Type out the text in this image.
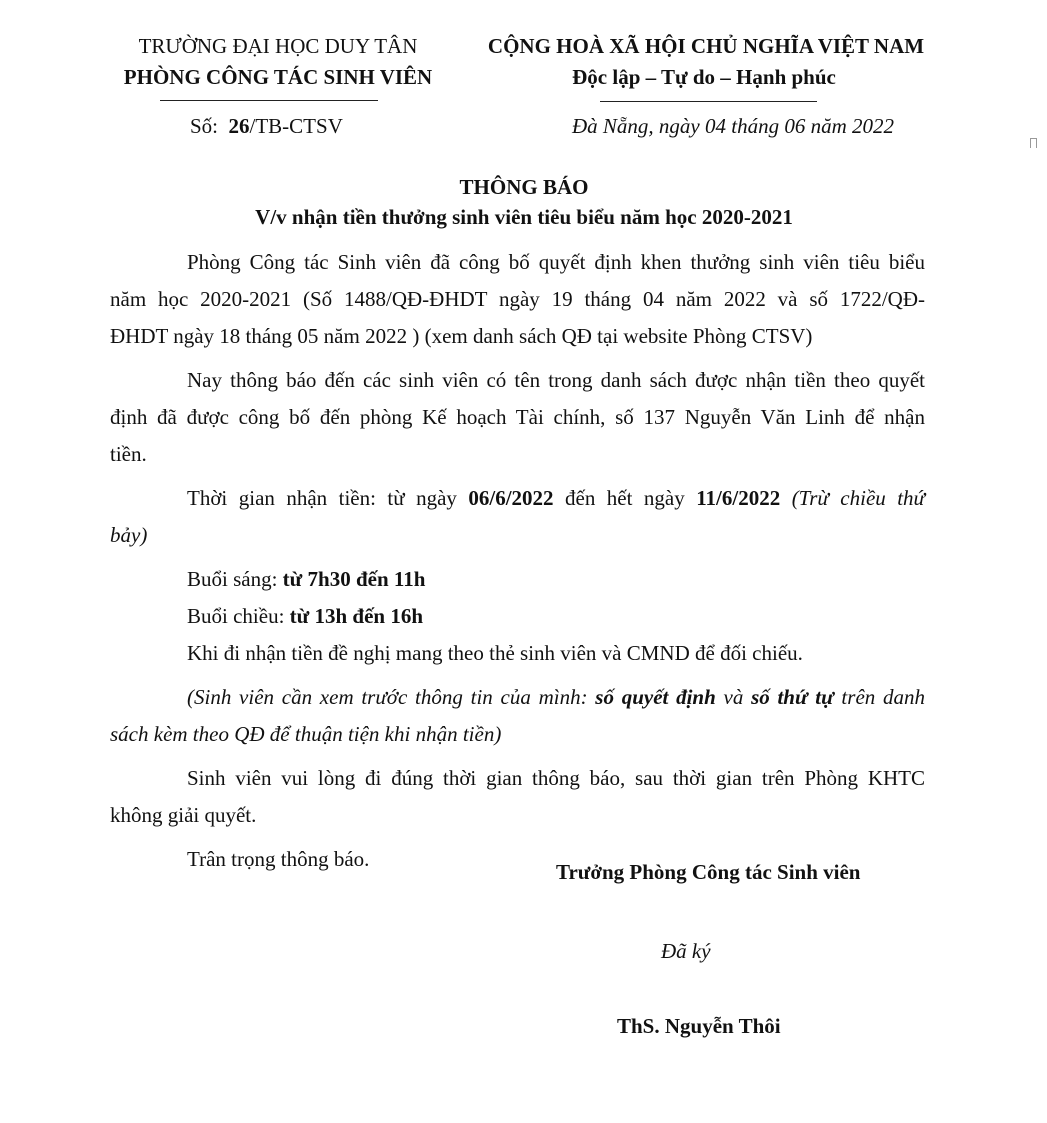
TRƯỜNG ĐẠI HỌC DUY TÂN
PHÒNG CÔNG TÁC SINH VIÊN
Số: 26/TB-CTSV
CỘNG HOÀ XÃ HỘI CHỦ NGHĨA VIỆT NAM
Độc lập – Tự do – Hạnh phúc
Đà Nẵng, ngày 04 tháng 06 năm 2022
THÔNG BÁO
V/v nhận tiền thưởng sinh viên tiêu biểu năm học 2020-2021
Phòng Công tác Sinh viên đã công bố quyết định khen thưởng sinh viên tiêu biểu
năm học 2020-2021 (Số 1488/QĐ-ĐHDT ngày 19 tháng 04 năm 2022 và số 1722/QĐ-
ĐHDT ngày 18 tháng 05 năm 2022 ) (xem danh sách QĐ tại website Phòng CTSV)
Nay thông báo đến các sinh viên có tên trong danh sách được nhận tiền theo quyết
định đã được công bố đến phòng Kế hoạch Tài chính, số 137 Nguyễn Văn Linh để nhận
tiền.
Thời gian nhận tiền: từ ngày 06/6/2022 đến hết ngày 11/6/2022 (Trừ chiều thứ
bảy)
Buổi sáng: từ 7h30 đến 11h
Buổi chiều: từ 13h đến 16h
Khi đi nhận tiền đề nghị mang theo thẻ sinh viên và CMND để đối chiếu.
(Sinh viên cần xem trước thông tin của mình: số quyết định và số thứ tự trên danh
sách kèm theo QĐ để thuận tiện khi nhận tiền)
Sinh viên vui lòng đi đúng thời gian thông báo, sau thời gian trên Phòng KHTC
không giải quyết.
Trân trọng thông báo.
Trưởng Phòng Công tác Sinh viên
Đã ký
ThS. Nguyễn Thôi
